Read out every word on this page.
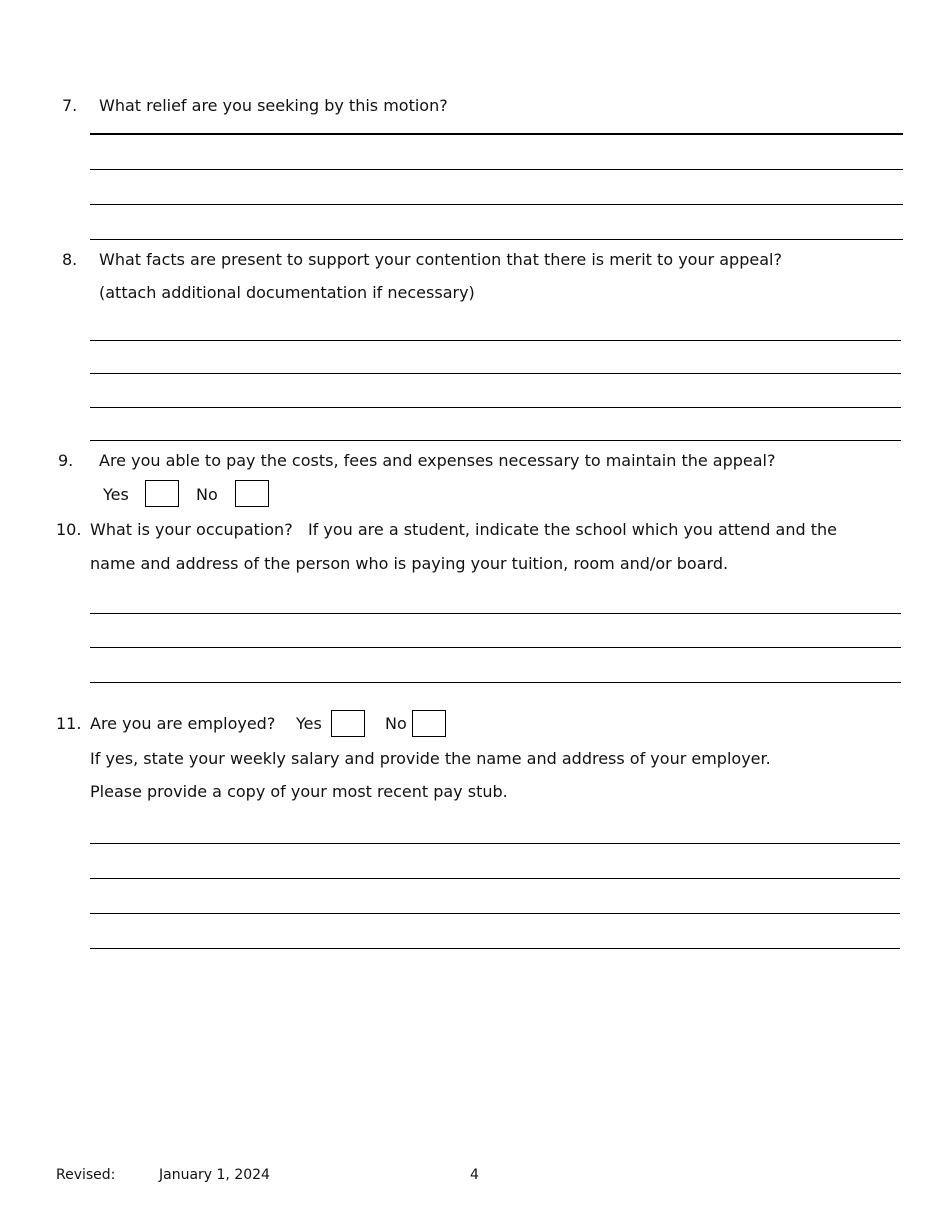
7. What relief are you seeking by this motion?
8. What facts are present to support your contention that there is merit to your appeal?
(attach additional documentation if necessary)
9. Are you able to pay the costs, fees and expenses necessary to maintain the appeal?
Yes	No
10. What is your occupation?   If you are a student, indicate the school which you attend and the
name and address of the person who is paying your tuition, room and/or board.
11. Are you are employed? Yes	No
If yes, state your weekly salary and provide the name and address of your employer.
Please provide a copy of your most recent pay stub.
Revised:	January 1, 2024	4
